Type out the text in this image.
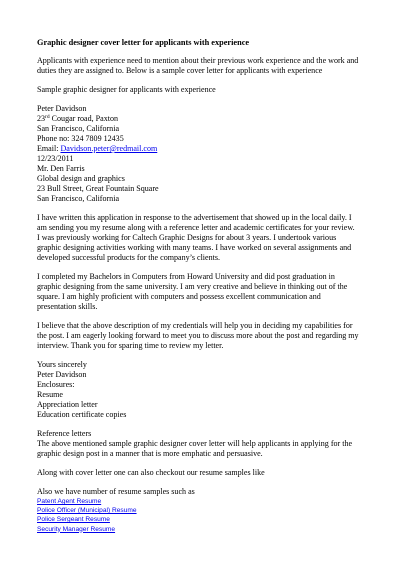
Graphic designer cover letter for applicants with experience
Applicants with experience need to mention about their previous work experience and the work and
duties they are assigned to. Below is a sample cover letter for applicants with experience
Sample graphic designer for applicants with experience
Peter Davidson
23rd Cougar road, Paxton
San Francisco, California
Phone no: 324 7809 12435
Email: Davidson.peter@redmail.com
12/23/2011
Mr. Den Farris
Global design and graphics
23 Bull Street, Great Fountain Square
San Francisco, California
I have written this application in response to the advertisement that showed up in the local daily. I
am sending you my resume along with a reference letter and academic certificates for your review.
I was previously working for Caltech Graphic Designs for about 3 years. I undertook various
graphic designing activities working with many teams. I have worked on several assignments and
developed successful products for the company’s clients.
I completed my Bachelors in Computers from Howard University and did post graduation in
graphic designing from the same university. I am very creative and believe in thinking out of the
square. I am highly proficient with computers and possess excellent communication and
presentation skills.
I believe that the above description of my credentials will help you in deciding my capabilities for
the post. I am eagerly looking forward to meet you to discuss more about the post and regarding my
interview. Thank you for sparing time to review my letter.
Yours sincerely
Peter Davidson
Enclosures:
Resume
Appreciation letter
Education certificate copies
Reference letters
The above mentioned sample graphic designer cover letter will help applicants in applying for the
graphic design post in a manner that is more emphatic and persuasive.
Along with cover letter one can also checkout our resume samples like
Also we have number of resume samples such as
Patent Agent Resume
Police Officer (Municipal) Resume
Police Sergeant Resume
Security Manager Resume
